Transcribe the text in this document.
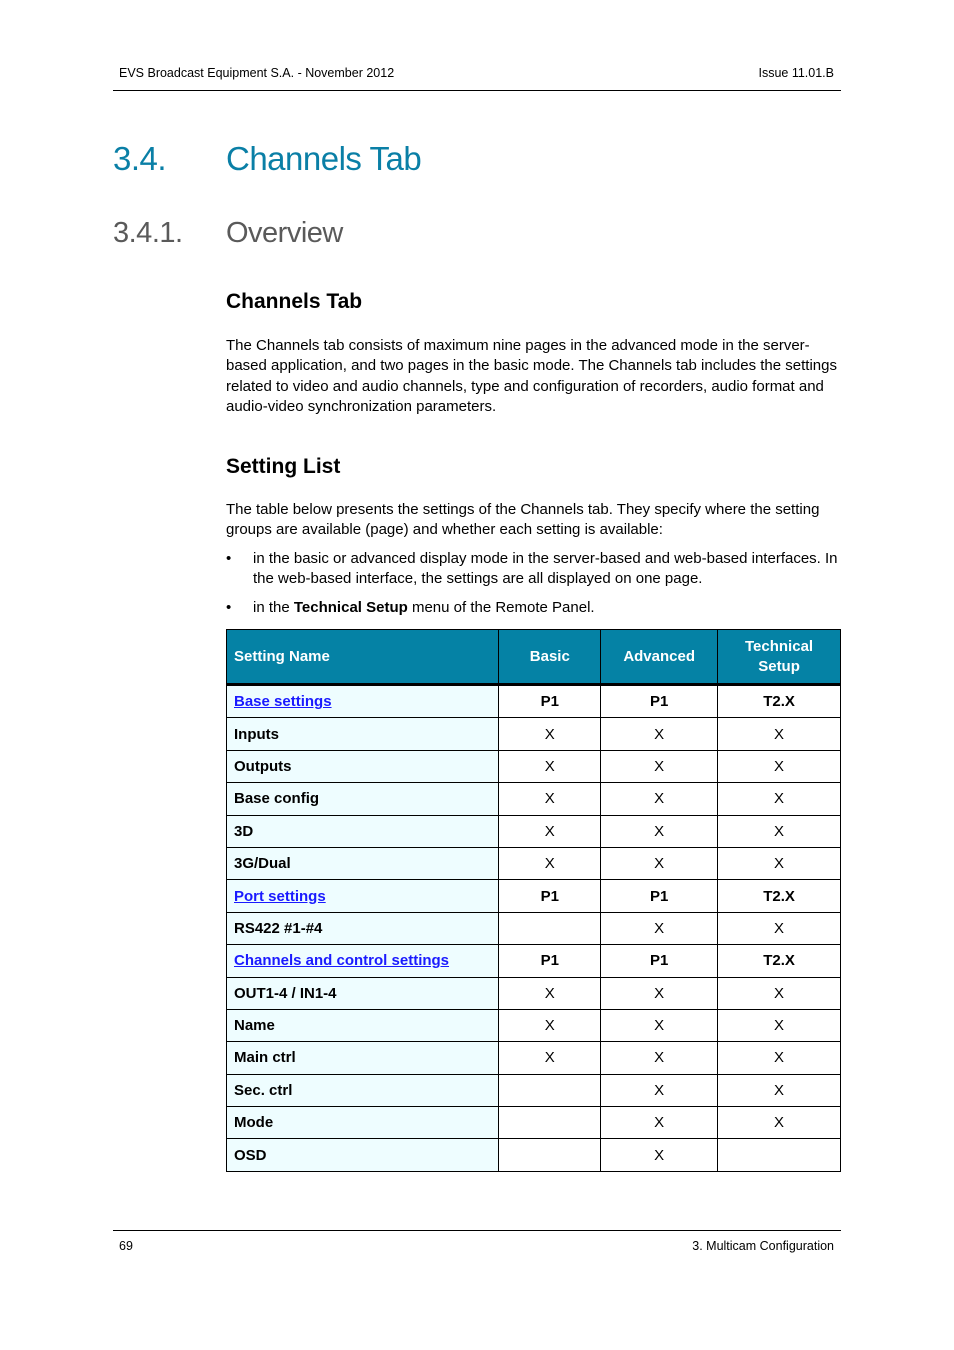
EVS Broadcast Equipment S.A. - November 2012	Issue 11.01.B
3.4. Channels Tab
3.4.1. Overview
Channels Tab

The Channels tab consists of maximum nine pages in the advanced mode in the server-based application, and two pages in the basic mode. The Channels tab includes the settings related to video and audio channels, type and configuration of recorders, audio format and audio-video synchronization parameters.

Setting List

The table below presents the settings of the Channels tab. They specify where the setting groups are available (page) and whether each setting is available:

• in the basic or advanced display mode in the server-based and web-based interfaces. In the web-based interface, the settings are all displayed on one page.
• in the Technical Setup menu of the Remote Panel.
Setting Name	Basic	Advanced	Technical Setup
Base settings	P1	P1	T2.X
Inputs	X	X	X
Outputs	X	X	X
Base config	X	X	X
3D	X	X	X
3G/Dual	X	X	X
Port settings	P1	P1	T2.X
RS422 #1-#4		X	X
Channels and control settings	P1	P1	T2.X
OUT1-4 / IN1-4	X	X	X
Name	X	X	X
Main ctrl	X	X	X
Sec. ctrl		X	X
Mode		X	X
OSD		X	
69	3. Multicam Configuration
